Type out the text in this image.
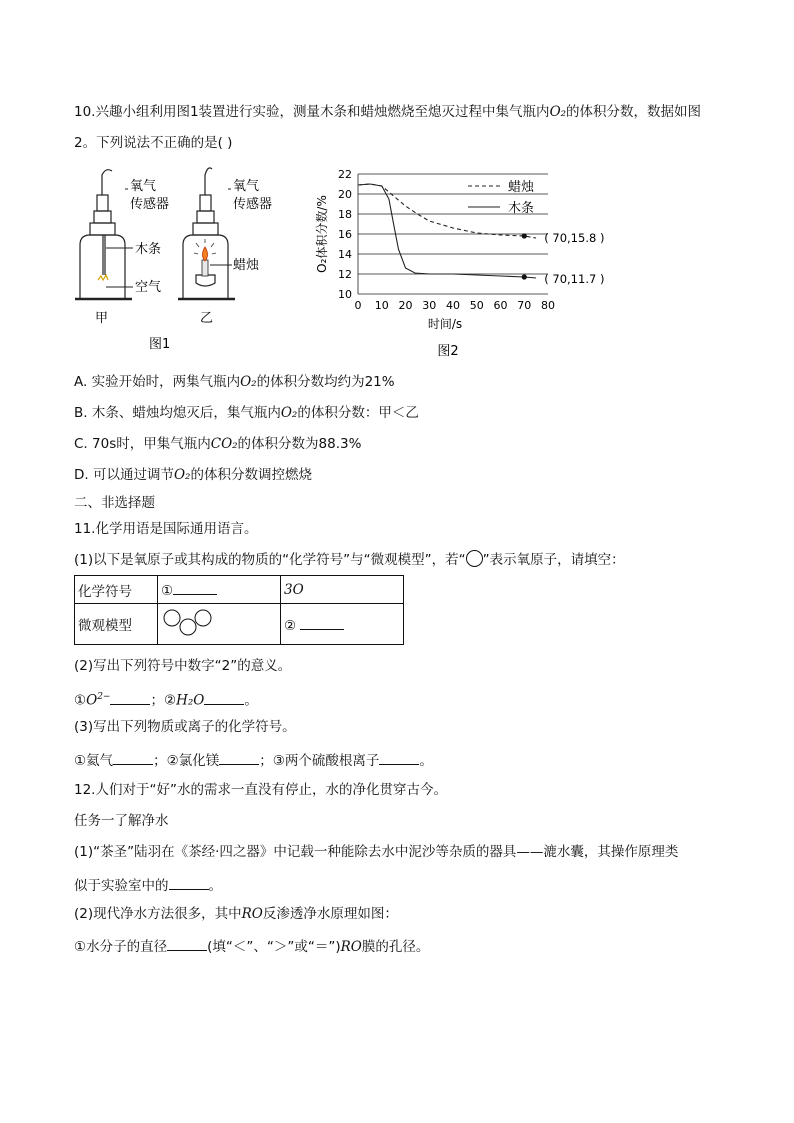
10.兴趣小组利用图1装置进行实验，测量木条和蜡烛燃烧至熄灭过程中集气瓶内O₂的体积分数，数据如图
2。下列说法不正确的是( )
氧气
传感器
木条
空气
甲
氧气
传感器
蜡烛
乙
图1
10
12
14
16
18
20
22
0 10 20 30 40 50 60 70 80
时间/s
O₂体积分数/%
蜡烛
木条
( 70,15.8 )
( 70,11.7 )
图2
A. 实验开始时，两集气瓶内O₂的体积分数均约为21%
B. 木条、蜡烛均熄灭后，集气瓶内O₂的体积分数：甲＜乙
C. 70s时，甲集气瓶内CO₂的体积分数为88.3%
D. 可以通过调节O₂的体积分数调控燃烧
二、非选择题
11.化学用语是国际通用语言。
(1)以下是氧原子或其构成的物质的“化学符号”与“微观模型”，若“ ”表示氧原子，请填空：
化学符号	①	3O
微观模型		②
(2)写出下列符号中数字“2”的意义。
$①O^{2-}$	；②H₂O	。
(3)写出下列物质或离子的化学符号。
①氦气	；②氯化镁	；③两个硫酸根离子	。
12.人们对于“好”水的需求一直没有停止，水的净化贯穿古今。
任务一了解净水
(1)“茶圣”陆羽在《茶经·四之器》中记载一种能除去水中泥沙等杂质的器具——漉水囊，其操作原理类
似于实验室中的	。
(2)现代净水方法很多，其中RO反渗透净水原理如图：
①水分子的直径	(填“＜”、“＞”或“＝”)RO膜的孔径。
